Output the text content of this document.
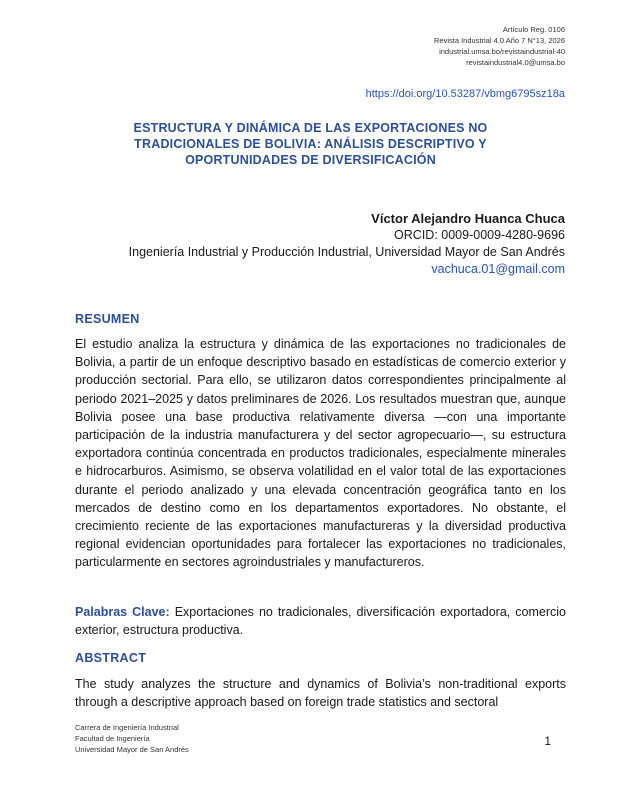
Artículo Reg. 0106
Revista Industrial 4.0 Año 7 N°13, 2026
industrial.umsa.bo/revistaindustrial-40
revistaindustrial4.0@umsa.bo
https://doi.org/10.53287/vbmg6795sz18a
ESTRUCTURA Y DINÁMICA DE LAS EXPORTACIONES NO
TRADICIONALES DE BOLIVIA: ANÁLISIS DESCRIPTIVO Y
OPORTUNIDADES DE DIVERSIFICACIÓN
Víctor Alejandro Huanca Chuca
ORCID: 0009-0009-4280-9696
Ingeniería Industrial y Producción Industrial, Universidad Mayor de San Andrés
vachuca.01@gmail.com
RESUMEN

El estudio analiza la estructura y dinámica de las exportaciones no tradicionales de Bolivia, a partir de un enfoque descriptivo basado en estadísticas de comercio exterior y producción sectorial. Para ello, se utilizaron datos correspondientes principalmente al periodo 2021–2025 y datos preliminares de 2026. Los resultados muestran que, aunque Bolivia posee una base productiva relativamente diversa —con una importante participación de la industria manufacturera y del sector agropecuario—, su estructura exportadora continúa concentrada en productos tradicionales, especialmente minerales e hidrocarburos. Asimismo, se observa volatilidad en el valor total de las exportaciones durante el periodo analizado y una elevada concentración geográfica tanto en los mercados de destino como en los departamentos exportadores. No obstante, el crecimiento reciente de las exportaciones manufactureras y la diversidad productiva regional evidencian oportunidades para fortalecer las exportaciones no tradicionales, particularmente en sectores agroindustriales y manufactureros.

Palabras Clave: Exportaciones no tradicionales, diversificación exportadora, comercio exterior, estructura productiva.

ABSTRACT

The study analyzes the structure and dynamics of Bolivia’s non-traditional exports through a descriptive approach based on foreign trade statistics and sectoral

Carrera de Ingeniería Industrial
Facultad de Ingeniería
Universidad Mayor de San Andrés
1
